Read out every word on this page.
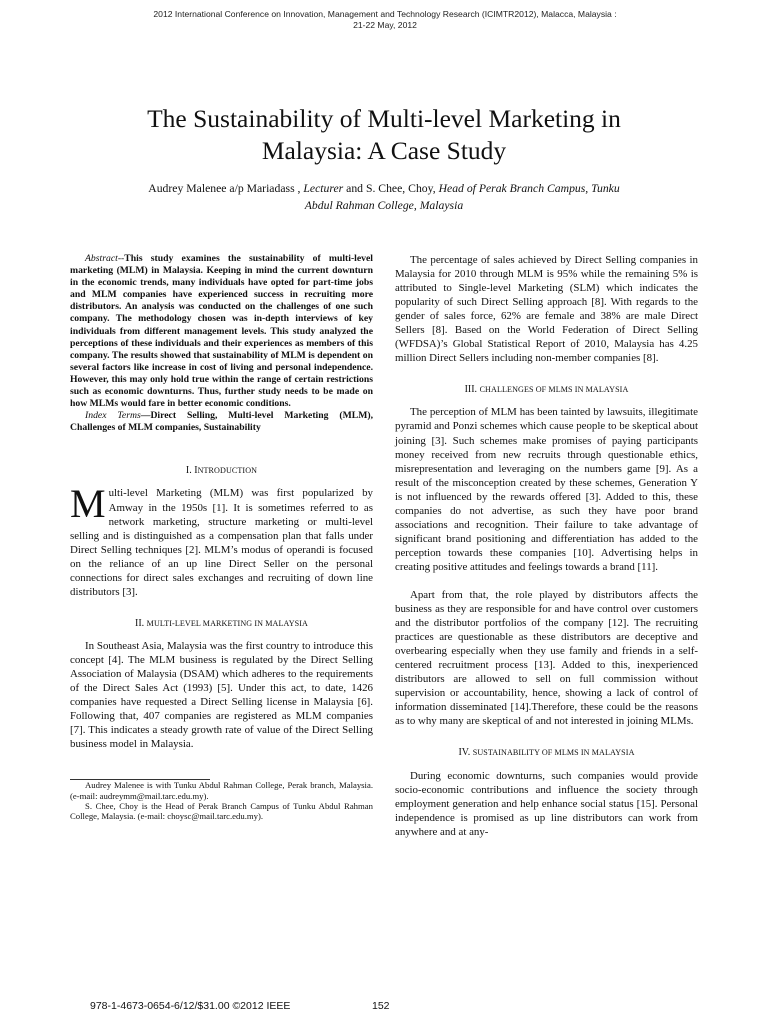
2012 International Conference on Innovation, Management and Technology Research (ICIMTR2012), Malacca, Malaysia :
21-22 May, 2012
The Sustainability of Multi-level Marketing in
Malaysia: A Case Study
Audrey Malenee a/p Mariadass , Lecturer and S. Chee, Choy, Head of Perak Branch Campus, Tunku
Abdul Rahman College, Malaysia

Abstract--This study examines the sustainability of multi-level marketing (MLM) in Malaysia. Keeping in mind the current downturn in the economic trends, many individuals have opted for part-time jobs and MLM companies have experienced success in recruiting more distributors. An analysis was conducted on the challenges of one such company. The methodology chosen was in-depth interviews of key individuals from different management levels. This study analyzed the perceptions of these individuals and their experiences as members of this company. The results showed that sustainability of MLM is dependent on several factors like increase in cost of living and personal independence. However, this may only hold true within the range of certain restrictions such as economic downturns. Thus, further study needs to be made on how MLMs would fare in better economic conditions.

Index Terms—Direct Selling, Multi-level Marketing (MLM), Challenges of MLM companies, Sustainability

I. INTRODUCTION

Multi-level Marketing (MLM) was first popularized by Amway in the 1950s [1]. It is sometimes referred to as network marketing, structure marketing or multi-level selling and is distinguished as a compensation plan that falls under Direct Selling techniques [2]. MLM’s modus of operandi is focused on the reliance of an up line Direct Seller on the personal connections for direct sales exchanges and recruiting of down line distributors [3].

II. MULTI-LEVEL MARKETING IN MALAYSIA

In Southeast Asia, Malaysia was the first country to introduce this concept [4]. The MLM business is regulated by the Direct Selling Association of Malaysia (DSAM) which adheres to the requirements of the Direct Sales Act (1993) [5]. Under this act, to date, 1426 companies have requested a Direct Selling license in Malaysia [6]. Following that, 407 companies are registered as MLM companies [7]. This indicates a steady growth rate of value of the Direct Selling business model in Malaysia.

Audrey Malenee is with Tunku Abdul Rahman College, Perak branch, Malaysia. (e-mail: audreymm@mail.tarc.edu.my).

S. Chee, Choy is the Head of Perak Branch Campus of Tunku Abdul Rahman College, Malaysia. (e-mail: choysc@mail.tarc.edu.my).

The percentage of sales achieved by Direct Selling companies in Malaysia for 2010 through MLM is 95% while the remaining 5% is attributed to Single-level Marketing (SLM) which indicates the popularity of such Direct Selling approach [8]. With regards to the gender of sales force, 62% are female and 38% are male Direct Sellers [8]. Based on the World Federation of Direct Selling (WFDSA)’s Global Statistical Report of 2010, Malaysia has 4.25 million Direct Sellers including non-member companies [8].

III. CHALLENGES OF MLMS IN MALAYSIA

The perception of MLM has been tainted by lawsuits, illegitimate pyramid and Ponzi schemes which cause people to be skeptical about joining [3]. Such schemes make promises of paying participants money received from new recruits through questionable ethics, misrepresentation and leveraging on the numbers game [9]. As a result of the misconception created by these schemes, Generation Y is not influenced by the rewards offered [3]. Added to this, these companies do not advertise, as such they have poor brand associations and recognition. Their failure to take advantage of significant brand positioning and differentiation has added to the perception towards these companies [10]. Advertising helps in creating positive attitudes and feelings towards a brand [11].

Apart from that, the role played by distributors affects the business as they are responsible for and have control over customers and the distributor portfolios of the company [12]. The recruiting practices are questionable as these distributors are deceptive and overbearing especially when they use family and friends in a self-centered recruitment process [13]. Added to this, inexperienced distributors are allowed to sell on full commission without supervision or accountability, hence, showing a lack of control of information disseminated [14].Therefore, these could be the reasons as to why many are skeptical of and not interested in joining MLMs.

IV. SUSTAINABILITY OF MLMS IN MALAYSIA

During economic downturns, such companies would provide socio-economic contributions and influence the society through employment generation and help enhance social status [15]. Personal independence is promised as up line distributors can work from anywhere and at any-

978-1-4673-0654-6/12/$31.00 ©2012 IEEE	152
